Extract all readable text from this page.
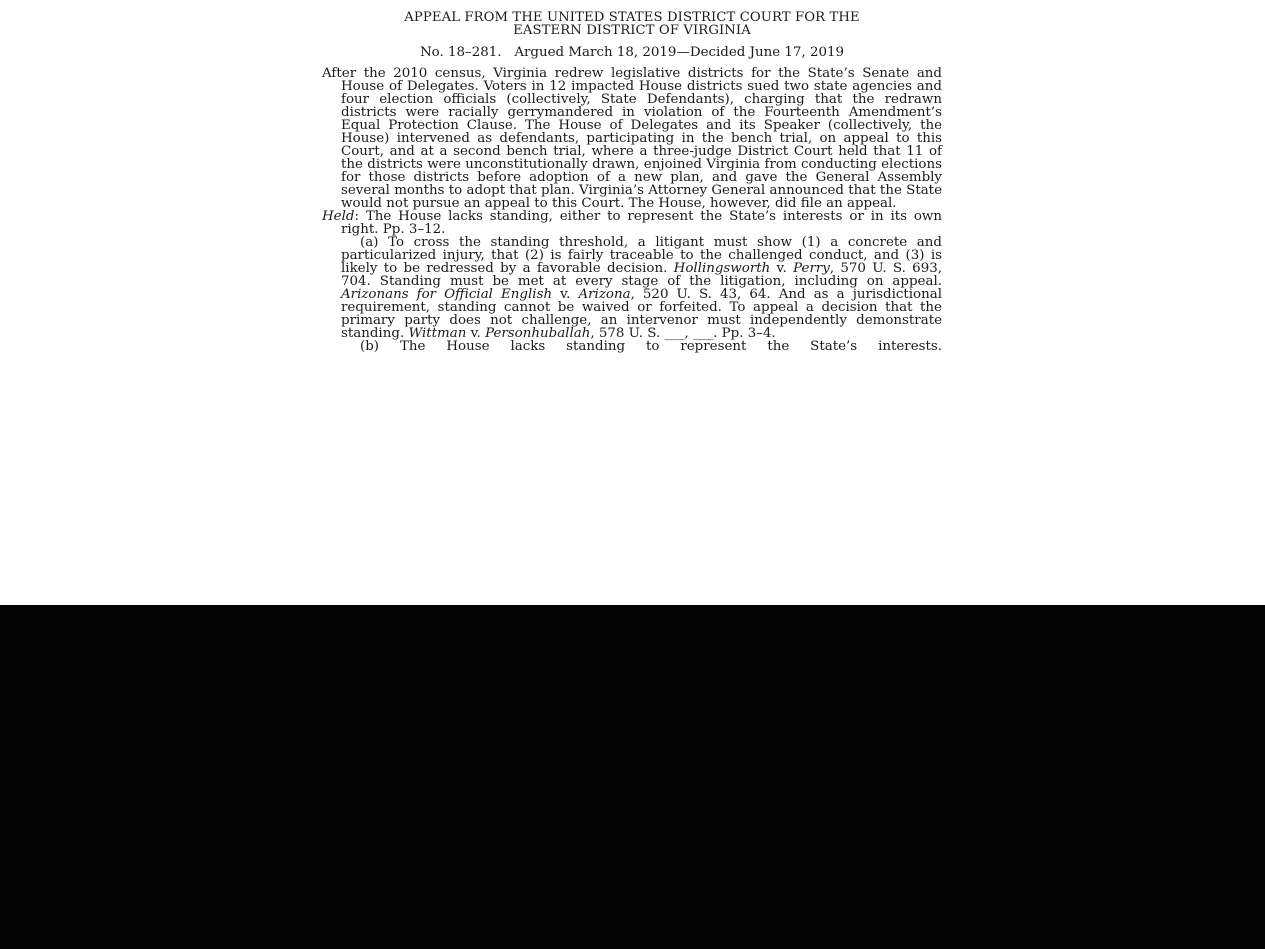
APPEAL FROM THE UNITED STATES DISTRICT COURT FOR THE

EASTERN DISTRICT OF VIRGINIA

No. 18–281.   Argued March 18, 2019—Decided June 17, 2019

After the 2010 census, Virginia redrew legislative districts for the State’s Senate and House of Delegates. Voters in 12 impacted House districts sued two state agencies and four election officials (collectively, State Defendants), charging that the redrawn districts were racially gerrymandered in violation of the Fourteenth Amendment’s Equal Protection Clause. The House of Delegates and its Speaker (collectively, the House) intervened as defendants, participating in the bench trial, on appeal to this Court, and at a second bench trial, where a three-judge District Court held that 11 of the districts were unconstitutionally drawn, enjoined Virginia from conducting elections for those districts before adoption of a new plan, and gave the General Assembly several months to adopt that plan. Virginia’s Attorney General announced that the State would not pursue an appeal to this Court. The House, however, did file an appeal.

Held: The House lacks standing, either to represent the State’s interests or in its own right. Pp. 3–12.

(a) To cross the standing threshold, a litigant must show (1) a concrete and particularized injury, that (2) is fairly traceable to the challenged conduct, and (3) is likely to be redressed by a favorable decision. Hollingsworth v. Perry, 570 U. S. 693, 704. Standing must be met at every stage of the litigation, including on appeal. Arizonans for Official English v. Arizona, 520 U. S. 43, 64. And as a jurisdictional requirement, standing cannot be waived or forfeited. To appeal a decision that the primary party does not challenge, an intervenor must independently demonstrate standing. Wittman v. Personhuballah, 578 U. S. ___, ___. Pp. 3–4.

(b) The House lacks standing to represent the State’s interests.
